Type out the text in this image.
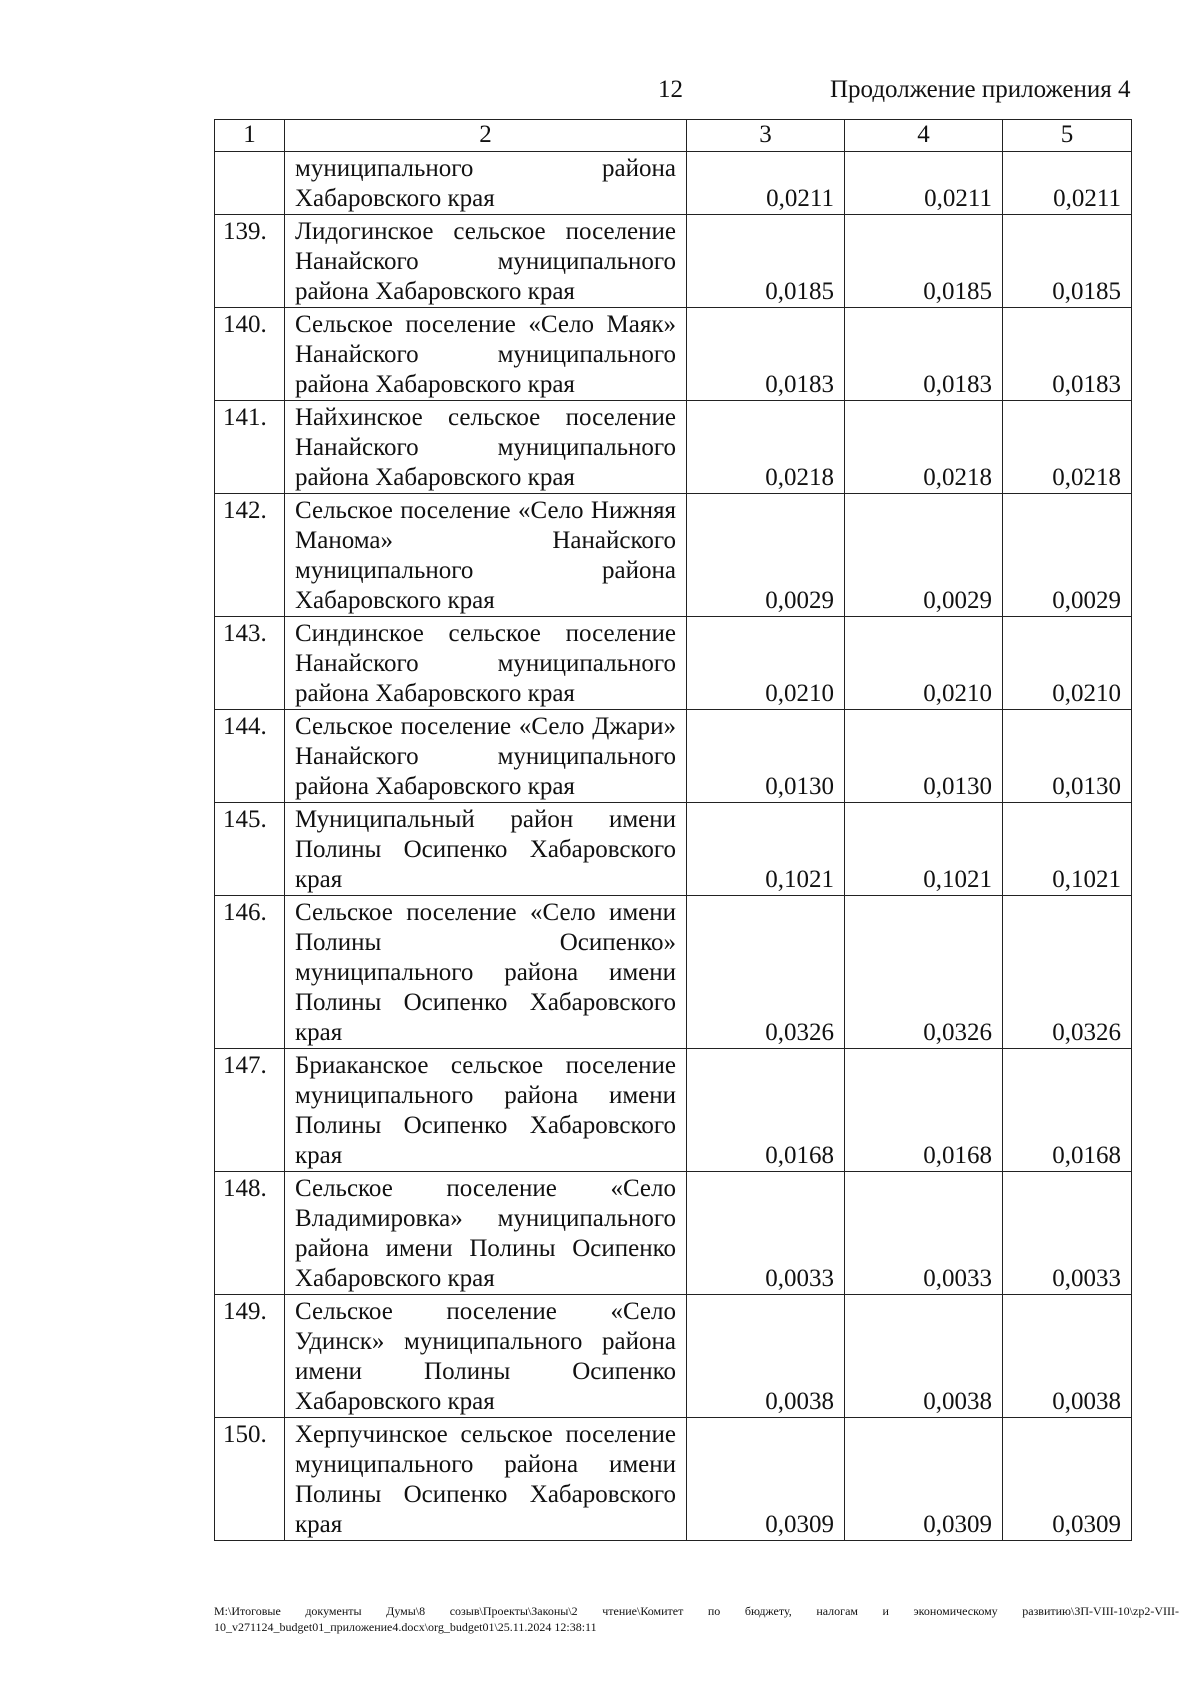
12	Продолжение приложения 4
1	2	3	4	5
	муниципального района Хабаровского края	0,0211	0,0211	0,0211
139.	Лидогинское сельское поселение Нанайского муниципального района Хабаровского края	0,0185	0,0185	0,0185
140.	Сельское поселение «Село Маяк» Нанайского муниципального района Хабаровского края	0,0183	0,0183	0,0183
141.	Найхинское сельское поселение Нанайского муниципального района Хабаровского края	0,0218	0,0218	0,0218
142.	Сельское поселение «Село Нижняя Манома» Нанайского муниципального района Хабаровского края	0,0029	0,0029	0,0029
143.	Синдинское сельское поселение Нанайского муниципального района Хабаровского края	0,0210	0,0210	0,0210
144.	Сельское поселение «Село Джари» Нанайского муниципального района Хабаровского края	0,0130	0,0130	0,0130
145.	Муниципальный район имени Полины Осипенко Хабаровского края	0,1021	0,1021	0,1021
146.	Сельское поселение «Село имени Полины Осипенко» муниципального района имени Полины Осипенко Хабаровского края	0,0326	0,0326	0,0326
147.	Бриаканское сельское поселение муниципального района имени Полины Осипенко Хабаровского края	0,0168	0,0168	0,0168
148.	Сельское поселение «Село Владимировка» муниципального района имени Полины Осипенко Хабаровского края	0,0033	0,0033	0,0033
149.	Сельское поселение «Село Удинск» муниципального района имени Полины Осипенко Хабаровского края	0,0038	0,0038	0,0038
150.	Херпучинское сельское поселение муниципального района имени Полины Осипенко Хабаровского края	0,0309	0,0309	0,0309
M:\Итоговые документы Думы\8 созыв\Проекты\Законы\2 чтение\Комитет по бюджету, налогам и экономическому развитию\ЗП-VIII-10\zp2-VIII-10_v271124_budget01_приложение4.docx\org_budget01\25.11.2024 12:38:11
